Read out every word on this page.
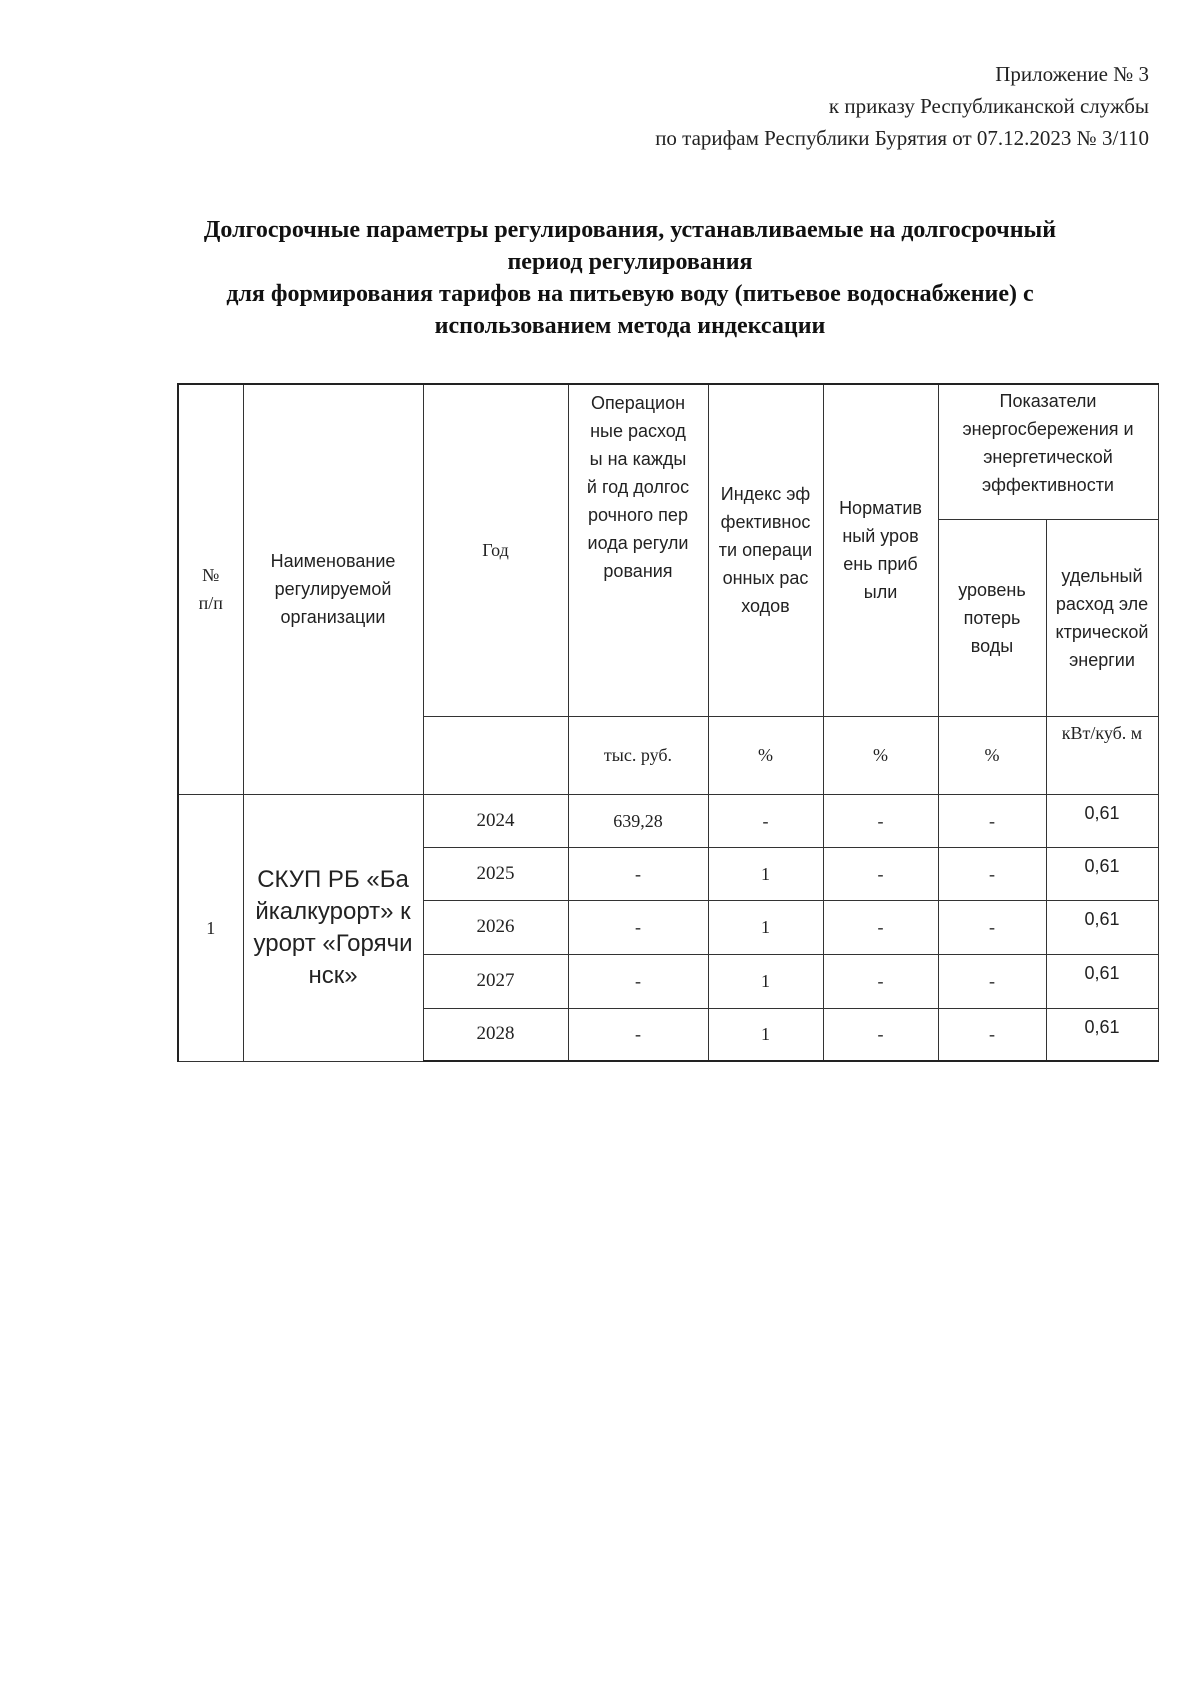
Приложение № 3
к приказу Республиканской службы
по тарифам Республики Бурятия от 07.12.2023 № 3/110
Долгосрочные параметры регулирования, устанавливаемые на долгосрочный
период регулирования
для формирования тарифов на питьевую воду (питьевое водоснабжение) с
использованием метода индексации
№ п/п	Наименование регулируемой организации	Год	Операционные расходы на каждый год долгосрочного периода регулирования	Индекс эффективности операционных расходов	Нормативный уровень прибыли	Показатели энергосбережения и энергетической эффективности	
						уровень потерь воды	удельный расход электрической энергии
			тыс. руб.	%	%	%	кВт/куб. м
1	СКУП РБ «Байкалкурорт» курорт «Горячинск»	2024	639,28	-	-	-	0,61
		2025	-	1	-	-	0,61
		2026	-	1	-	-	0,61
		2027	-	1	-	-	0,61
		2028	-	1	-	-	0,61
